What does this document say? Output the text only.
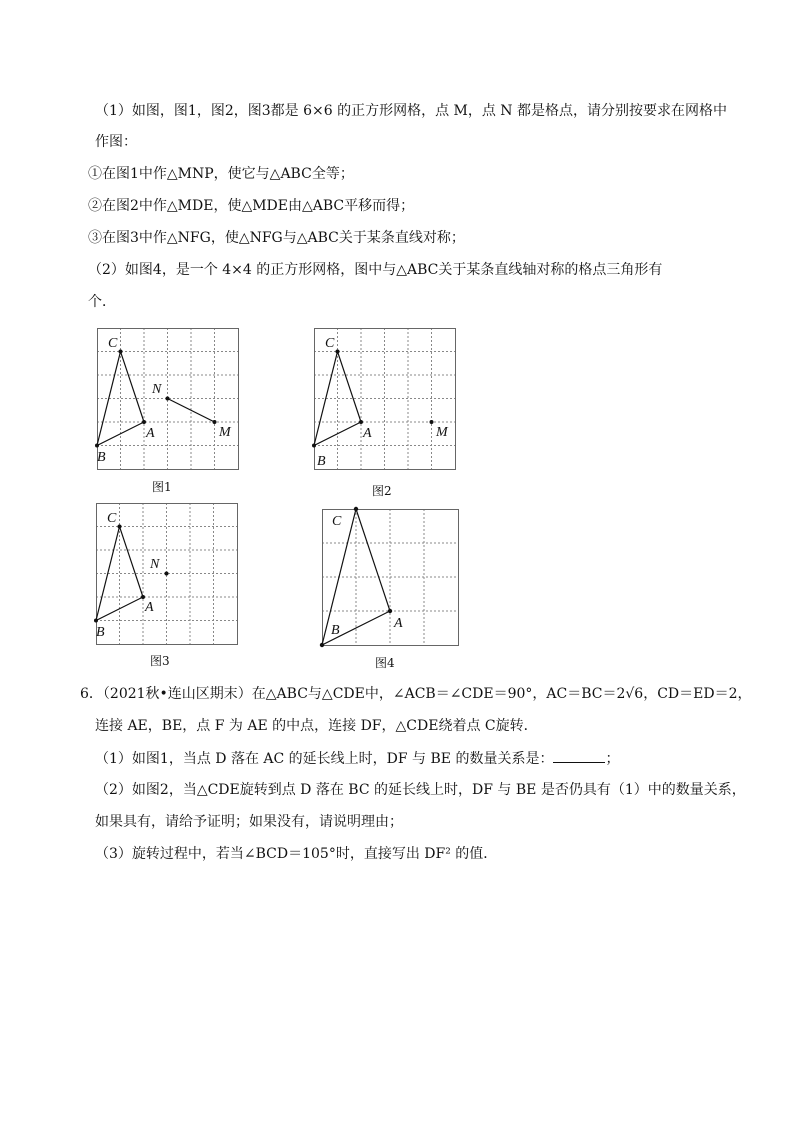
（1）如图，图1，图2，图3都是 6×6 的正方形网格，点 M，点 N 都是格点，请分别按要求在网格中
作图：
①在图1中作△MNP，使它与△ABC全等；
②在图2中作△MDE，使△MDE由△ABC平移而得；
③在图3中作△NFG，使△NFG与△ABC关于某条直线对称；
（2）如图4，是一个 4×4 的正方形网格，图中与△ABC关于某条直线轴对称的格点三角形有
个．
C
B
A
N
M
图1
C
B
A	M
图2
C
B
A
N
图3
C
B	A
图4
6．（2021秋•连山区期末）在△ABC与△CDE中，∠ACB＝∠CDE＝90°，AC＝BC＝2√6，CD＝ED＝2，
连接 AE，BE，点 F 为 AE 的中点，连接 DF，△CDE绕着点 C旋转．
（1）如图1，当点 D 落在 AC 的延长线上时，DF 与 BE 的数量关系是：	；
（2）如图2，当△CDE旋转到点 D 落在 BC 的延长线上时，DF 与 BE 是否仍具有（1）中的数量关系，
如果具有，请给予证明；如果没有，请说明理由；
（3）旋转过程中，若当∠BCD＝105°时，直接写出 DF² 的值．
